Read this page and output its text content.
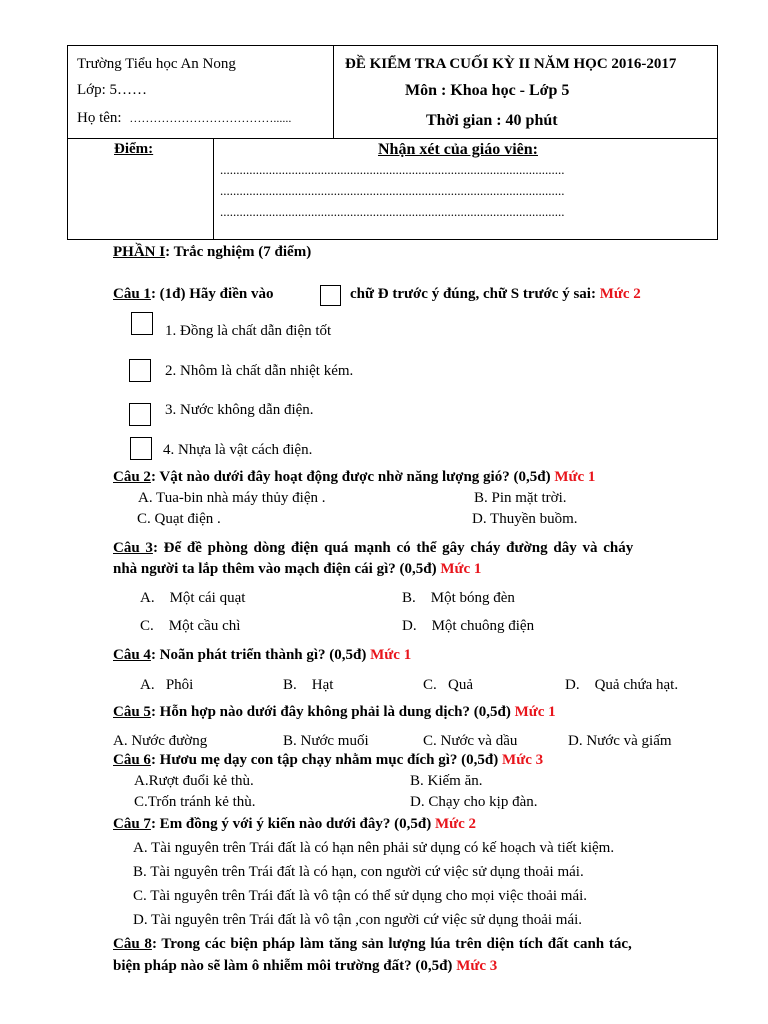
Trường Tiểu học An Nong
Lớp: 5……
Họ tên: ………………………………......
ĐỀ KIỂM TRA CUỐI KỲ II NĂM HỌC 2016-2017
Môn : Khoa học - Lớp 5
Thời gian : 40 phút
Điểm:	Nhận xét của giáo viên:
..........................................................................................................
..........................................................................................................
..........................................................................................................
PHẦN I: Trắc nghiệm (7 điểm)
Câu 1: (1đ) Hãy điền vào	chữ Đ trước ý đúng, chữ S trước ý sai: Mức 2
1. Đồng là chất dẫn điện tốt
2. Nhôm là chất dẫn nhiệt kém.
3. Nước không dẫn điện.
4. Nhựa là vật cách điện.
Câu 2: Vật nào dưới đây hoạt động được nhờ năng lượng gió? (0,5đ) Mức 1
A. Tua-bin nhà máy thủy điện .	B. Pin mặt trời.
C. Quạt điện .	D. Thuyền buồm.
Câu 3: Để đề phòng dòng điện quá mạnh có thể gây cháy đường dây và cháy
nhà người ta lắp thêm vào mạch điện cái gì? (0,5đ) Mức 1
A.    Một cái quạt	B.    Một bóng đèn
C.    Một cầu chì	D.    Một chuông điện
Câu 4: Noãn phát triển thành gì? (0,5đ) Mức 1
A.   Phôi	B.    Hạt	C.   Quả	D.    Quả chứa hạt.
Câu 5: Hỗn hợp nào dưới đây không phải là dung dịch? (0,5đ) Mức 1
A. Nước đường	B. Nước muối	C. Nước và dầu	D. Nước và giấm
Câu 6: Hươu mẹ dạy con tập chạy nhằm mục đích gì? (0,5đ) Mức 3
A.Rượt đuổi kẻ thù.	B. Kiếm ăn.
C.Trốn tránh kẻ thù.	D. Chạy cho kịp đàn.
Câu 7: Em đồng ý với ý kiến nào dưới đây? (0,5đ) Mức 2
A. Tài nguyên trên Trái đất là có hạn nên phải sử dụng có kế hoạch và tiết kiệm.
B. Tài nguyên trên Trái đất là có hạn, con người cứ việc sử dụng thoải mái.
C. Tài nguyên trên Trái đất là vô tận có thể sử dụng cho mọi việc thoải mái.
D. Tài nguyên trên Trái đất là vô tận ,con người cứ việc sử dụng thoải mái.
Câu 8: Trong các biện pháp làm tăng sản lượng lúa trên diện tích đất canh tác,
biện pháp nào sẽ làm ô nhiễm môi trường đất? (0,5đ) Mức 3
